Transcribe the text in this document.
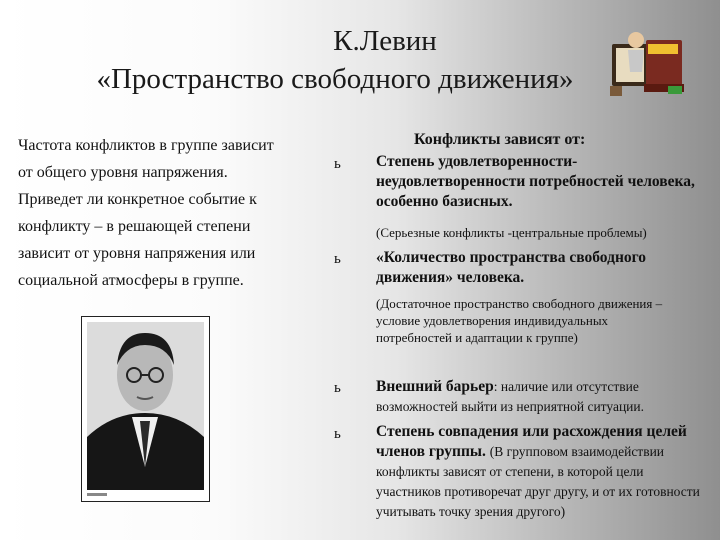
К.Левин
«Пространство свободного движения»
Частота конфликтов в группе зависит
от общего уровня напряжения.
Приведет ли конкретное событие к
конфликту – в решающей степени
зависит от уровня напряжения или
социальной атмосферы в группе.
Конфликты зависят от:
ь Степень удовлетворенности-неудовлетворенности потребностей человека, особенно базисных.
(Серьезные конфликты -центральные проблемы)
ь «Количество пространства свободного движения» человека.
(Достаточное пространство свободного движения – условие удовлетворения индивидуальных потребностей и адаптации к группе)
ь Внешний барьер: наличие или отсутствие возможностей выйти из неприятной ситуации.
ь Степень совпадения или расхождения целей членов группы. (В групповом взаимодействии конфликты зависят от степени, в которой цели участников противоречат друг другу, и от их готовности учитывать точку зрения другого)
